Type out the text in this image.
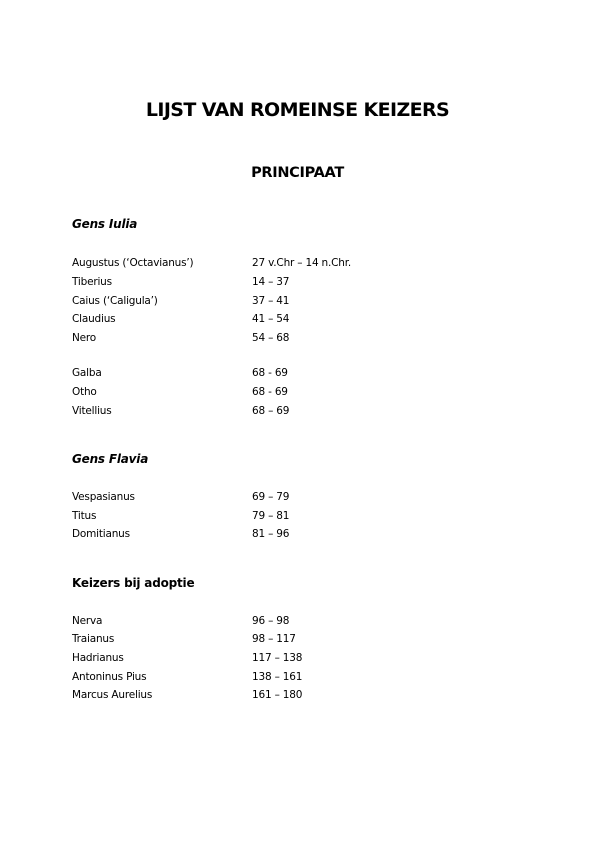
LIJST VAN ROMEINSE KEIZERS
PRINCIPAAT
Gens Iulia
Augustus (‘Octavianus’)	27 v.Chr – 14 n.Chr.
Tiberius	14 – 37
Caius (‘Caligula’)	37 – 41
Claudius	41 – 54
Nero	54 – 68
Galba	68 - 69
Otho	68 - 69
Vitellius	68 – 69
Gens Flavia
Vespasianus	69 – 79
Titus	79 – 81
Domitianus	81 – 96
Keizers bij adoptie
Nerva	96 – 98
Traianus	98 – 117
Hadrianus	117 – 138
Antoninus Pius	138 – 161
Marcus Aurelius	161 – 180
